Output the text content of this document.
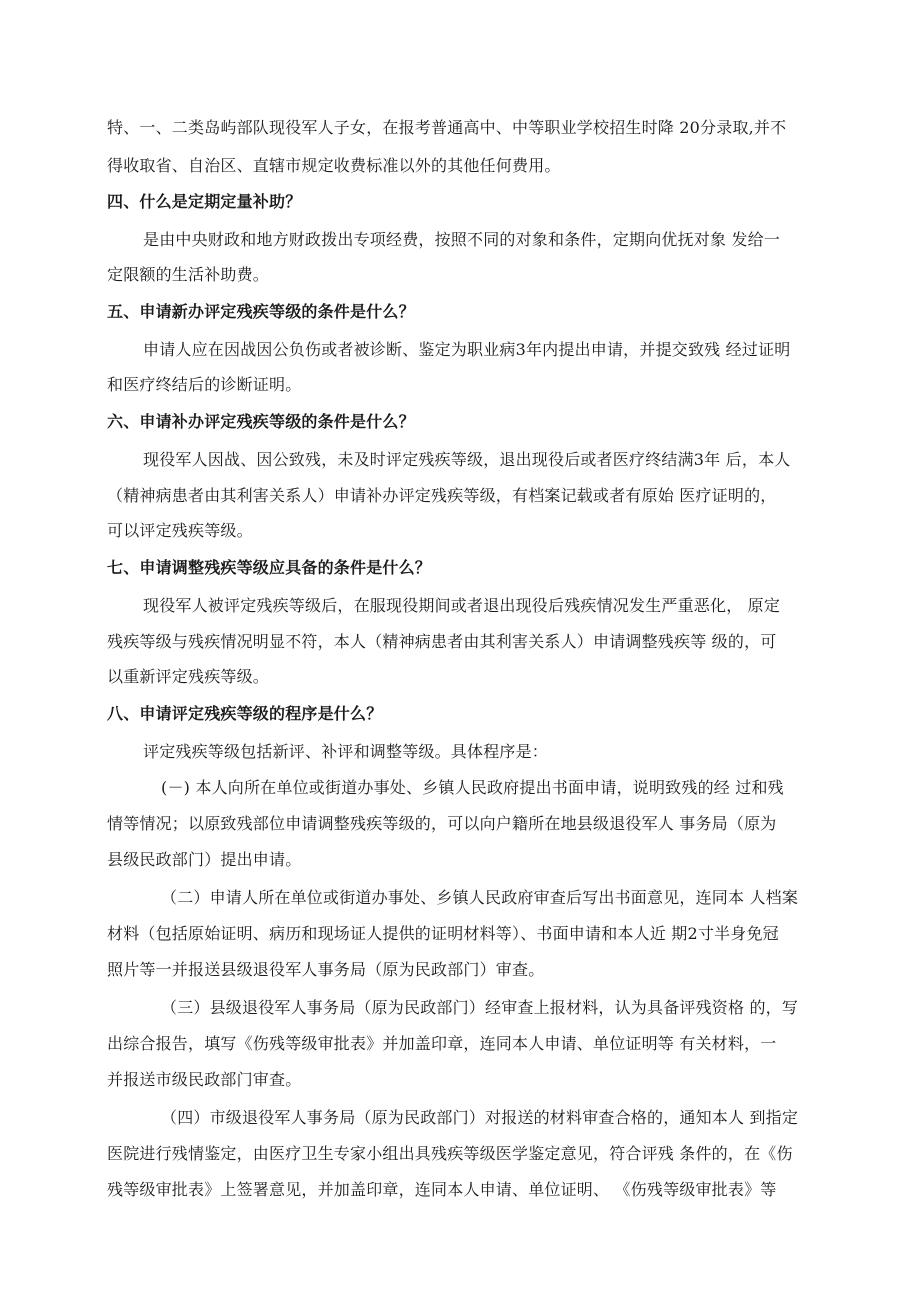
特、一、二类岛屿部队现役军人子女，在报考普通高中、中等职业学校招生时降 20分录取,并不
得收取省、自治区、直辖市规定收费标准以外的其他任何费用。
四、什么是定期定量补助？
是由中央财政和地方财政拨出专项经费，按照不同的对象和条件，定期向优抚对象 发给一
定限额的生活补助费。
五、申请新办评定残疾等级的条件是什么？
申请人应在因战因公负伤或者被诊断、鉴定为职业病3年内提出申请，并提交致残 经过证明
和医疗终结后的诊断证明。
六、申请补办评定残疾等级的条件是什么？
现役军人因战、因公致残，未及时评定残疾等级，退出现役后或者医疗终结满3年 后，本人
（精神病患者由其利害关系人）申请补办评定残疾等级，有档案记载或者有原始 医疗证明的，
可以评定残疾等级。
七、申请调整残疾等级应具备的条件是什么？
现役军人被评定残疾等级后，在服现役期间或者退出现役后残疾情况发生严重恶化， 原定
残疾等级与残疾情况明显不符，本人（精神病患者由其利害关系人）申请调整残疾等 级的，可
以重新评定残疾等级。
八、申请评定残疾等级的程序是什么？
评定残疾等级包括新评、补评和调整等级。具体程序是：
(－) 本人向所在单位或街道办事处、乡镇人民政府提出书面申请，说明致残的经 过和残
情等情况；以原致残部位申请调整残疾等级的，可以向户籍所在地县级退役军人 事务局（原为
县级民政部门）提出申请。
（二）申请人所在单位或街道办事处、乡镇人民政府审查后写出书面意见，连同本 人档案
材料（包括原始证明、病历和现场证人提供的证明材料等）、书面申请和本人近 期2寸半身免冠
照片等一并报送县级退役军人事务局（原为民政部门）审查。
（三）县级退役军人事务局（原为民政部门）经审查上报材料，认为具备评残资格 的，写
出综合报告，填写《伤残等级审批表》并加盖印章，连同本人申请、单位证明等 有关材料，一
并报送市级民政部门审查。
（四）市级退役军人事务局（原为民政部门）对报送的材料审查合格的，通知本人 到指定
医院进行残情鉴定，由医疗卫生专家小组出具残疾等级医学鉴定意见，符合评残 条件的，在《伤
残等级审批表》上签署意见，并加盖印章，连同本人申请、单位证明、 《伤残等级审批表》等
